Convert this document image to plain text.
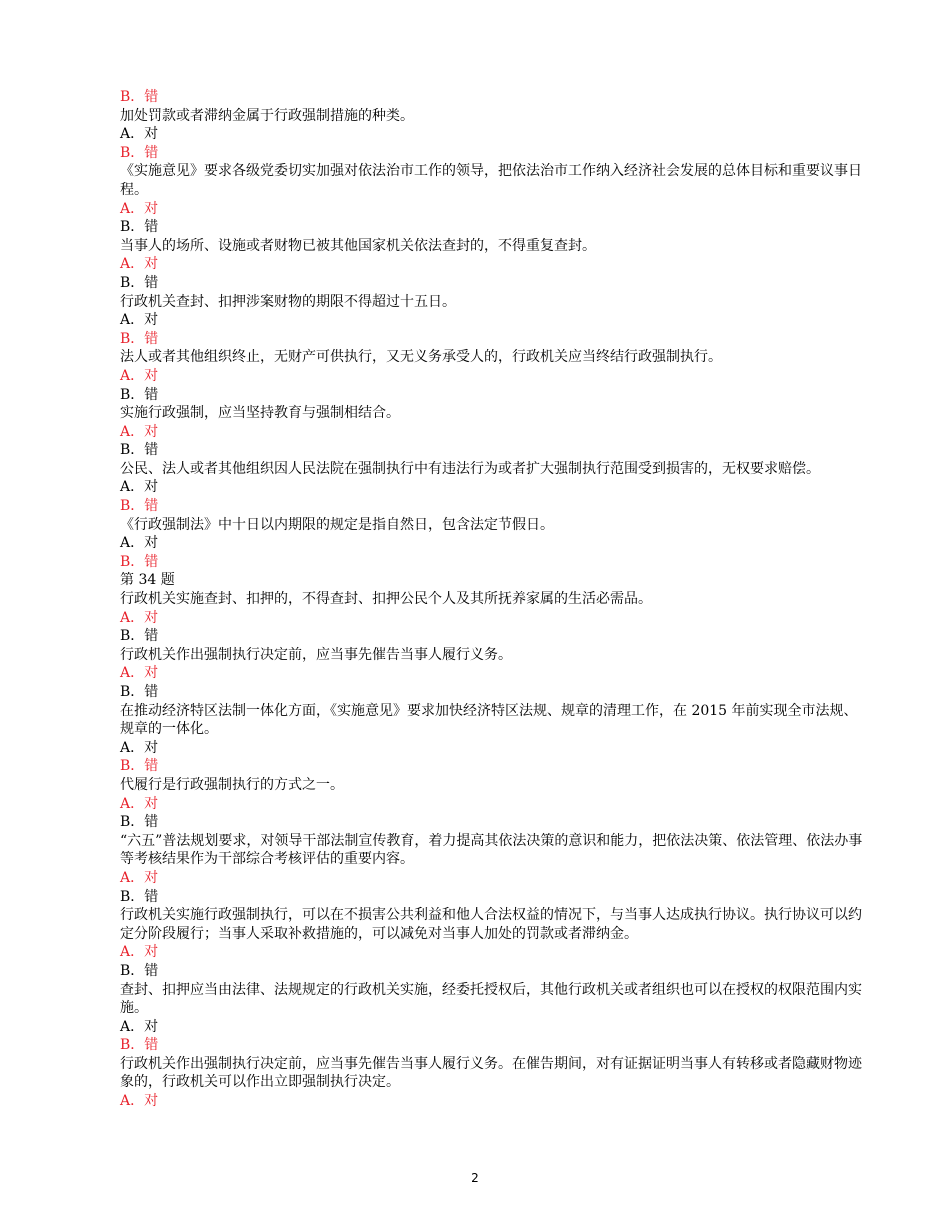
B．错

加处罚款或者滞纳金属于行政强制措施的种类。

A．对

B．错

《实施意见》要求各级党委切实加强对依法治市工作的领导，把依法治市工作纳入经济社会发展的总体目标和重要议事日程。

A．对

B．错

当事人的场所、设施或者财物已被其他国家机关依法查封的，不得重复查封。

A．对

B．错

行政机关查封、扣押涉案财物的期限不得超过十五日。

A．对

B．错

法人或者其他组织终止，无财产可供执行，又无义务承受人的，行政机关应当终结行政强制执行。

A．对

B．错

实施行政强制，应当坚持教育与强制相结合。

A．对

B．错

公民、法人或者其他组织因人民法院在强制执行中有违法行为或者扩大强制执行范围受到损害的，无权要求赔偿。

A．对

B．错

《行政强制法》中十日以内期限的规定是指自然日，包含法定节假日。

A．对

B．错

第 34 题

行政机关实施查封、扣押的，不得查封、扣押公民个人及其所抚养家属的生活必需品。

A．对

B．错

行政机关作出强制执行决定前，应当事先催告当事人履行义务。

A．对

B．错

在推动经济特区法制一体化方面，《实施意见》要求加快经济特区法规、规章的清理工作，在 2015 年前实现全市法规、规章的一体化。

A．对

B．错

代履行是行政强制执行的方式之一。

A．对

B．错

“六五”普法规划要求，对领导干部法制宣传教育，着力提高其依法决策的意识和能力，把依法决策、依法管理、依法办事等考核结果作为干部综合考核评估的重要内容。

A．对

B．错

行政机关实施行政强制执行，可以在不损害公共利益和他人合法权益的情况下，与当事人达成执行协议。执行协议可以约定分阶段履行；当事人采取补救措施的，可以减免对当事人加处的罚款或者滞纳金。

A．对

B．错

查封、扣押应当由法律、法规规定的行政机关实施，经委托授权后，其他行政机关或者组织也可以在授权的权限范围内实施。

A．对

B．错

行政机关作出强制执行决定前，应当事先催告当事人履行义务。在催告期间，对有证据证明当事人有转移或者隐藏财物迹象的，行政机关可以作出立即强制执行决定。

A．对

2
